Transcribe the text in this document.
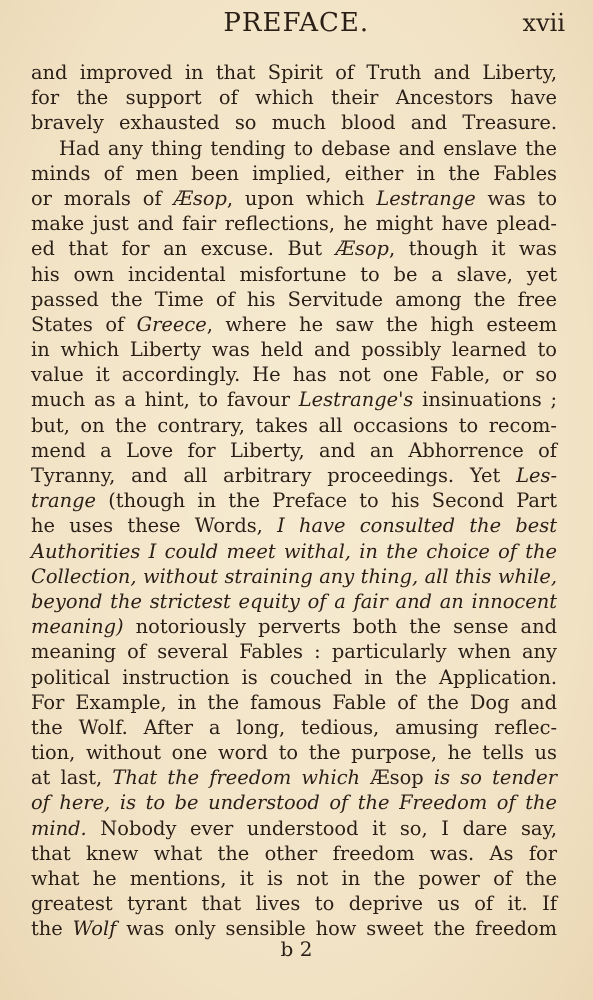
PREFACE.	xvii
and improved in that Spirit of Truth and Liberty,
for the support of which their Ancestors have
bravely exhausted so much blood and Treasure.
Had any thing tending to debase and enslave the
minds of men been implied, either in the Fables
or morals of Æsop, upon which Lestrange was to
make just and fair reflections, he might have plead-
ed that for an excuse. But Æsop, though it was
his own incidental misfortune to be a slave, yet
passed the Time of his Servitude among the free
States of Greece, where he saw the high esteem
in which Liberty was held and possibly learned to
value it accordingly. He has not one Fable, or so
much as a hint, to favour Lestrange's insinuations ;
but, on the contrary, takes all occasions to recom-
mend a Love for Liberty, and an Abhorrence of
Tyranny, and all arbitrary proceedings. Yet Les-
trange (though in the Preface to his Second Part
he uses these Words, I have consulted the best
Authorities I could meet withal, in the choice of the
Collection, without straining any thing, all this while,
beyond the strictest equity of a fair and an innocent
meaning) notoriously perverts both the sense and
meaning of several Fables : particularly when any
political instruction is couched in the Application.
For Example, in the famous Fable of the Dog and
the Wolf. After a long, tedious, amusing reflec-
tion, without one word to the purpose, he tells us
at last, That the freedom which Æsop is so tender
of here, is to be understood of the Freedom of the
mind. Nobody ever understood it so, I dare say,
that knew what the other freedom was. As for
what he mentions, it is not in the power of the
greatest tyrant that lives to deprive us of it. If
the Wolf was only sensible how sweet the freedom
b 2
